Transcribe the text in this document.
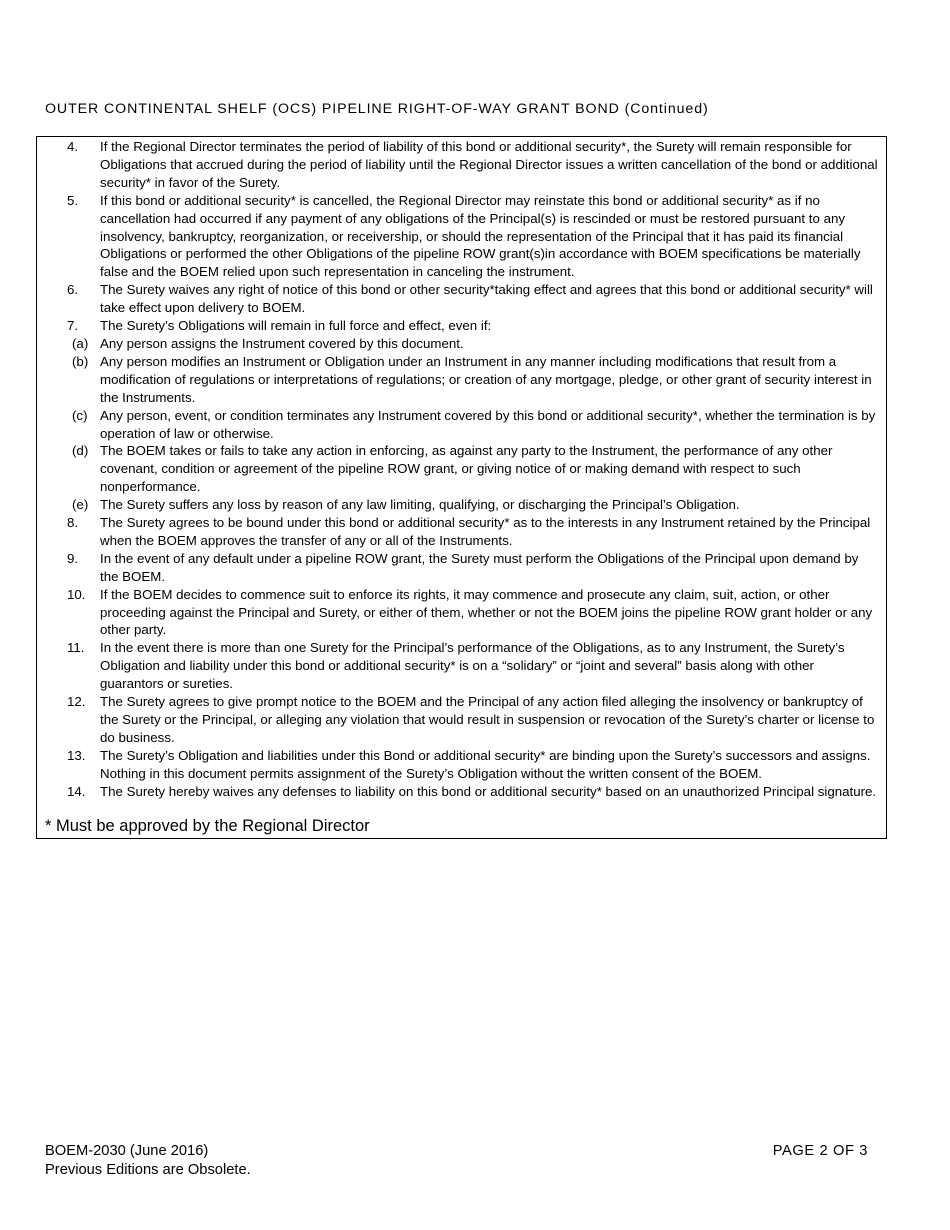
OUTER CONTINENTAL SHELF (OCS) PIPELINE RIGHT-OF-WAY GRANT BOND (Continued)
4.	If the Regional Director terminates the period of liability of this bond or additional security*, the Surety will remain responsible for Obligations that accrued during the period of liability until the Regional Director issues a written cancellation of the bond or additional security* in favor of the Surety.
5.	If this bond or additional security* is cancelled, the Regional Director may reinstate this bond or additional security* as if no cancellation had occurred if any payment of any obligations of the Principal(s) is rescinded or must be restored pursuant to any insolvency, bankruptcy, reorganization, or receivership, or should the representation of the Principal that it has paid its financial Obligations or performed the other Obligations of the pipeline ROW grant(s)in accordance with BOEM specifications be materially false and the BOEM relied upon such representation in canceling the instrument.
6.	The Surety waives any right of notice of this bond or other security*taking effect and agrees that this bond or additional security* will take effect upon delivery to BOEM.
7.	The Surety’s Obligations will remain in full force and effect, even if:
(a) Any person assigns the Instrument covered by this document.
(b) Any person modifies an Instrument or Obligation under an Instrument in any manner including modifications that result from a modification of regulations or interpretations of regulations; or creation of any mortgage, pledge, or other grant of security interest in the Instruments.
(c) Any person, event, or condition terminates any Instrument covered by this bond or additional security*, whether the termination is by operation of law or otherwise.
(d) The BOEM takes or fails to take any action in enforcing, as against any party to the Instrument, the performance of any other covenant, condition or agreement of the pipeline ROW grant, or giving notice of or making demand with respect to such nonperformance.
(e) The Surety suffers any loss by reason of any law limiting, qualifying, or discharging the Principal’s Obligation.
8.	The Surety agrees to be bound under this bond or additional security* as to the interests in any Instrument retained by the Principal when the BOEM approves the transfer of any or all of the Instruments.
9.	In the event of any default under a pipeline ROW grant, the Surety must perform the Obligations of the Principal upon demand by the BOEM.
10.	If the BOEM decides to commence suit to enforce its rights, it may commence and prosecute any claim, suit, action, or other proceeding against the Principal and Surety, or either of them, whether or not the BOEM joins the pipeline ROW grant holder or any other party.
11.	In the event there is more than one Surety for the Principal’s performance of the Obligations, as to any Instrument, the Surety’s Obligation and liability under this bond or additional security* is on a “solidary” or “joint and several” basis along with other guarantors or sureties.
12.	The Surety agrees to give prompt notice to the BOEM and the Principal of any action filed alleging the insolvency or bankruptcy of the Surety or the Principal, or alleging any violation that would result in suspension or revocation of the Surety’s charter or license to do business.
13.	The Surety’s Obligation and liabilities under this Bond or additional security* are binding upon the Surety’s successors and assigns. Nothing in this document permits assignment of the Surety’s Obligation without the written consent of the BOEM.
14.	The Surety hereby waives any defenses to liability on this bond or additional security* based on an unauthorized Principal signature.
* Must be approved by the Regional Director
BOEM-2030 (June 2016)
Previous Editions are Obsolete.
PAGE 2 OF 3
